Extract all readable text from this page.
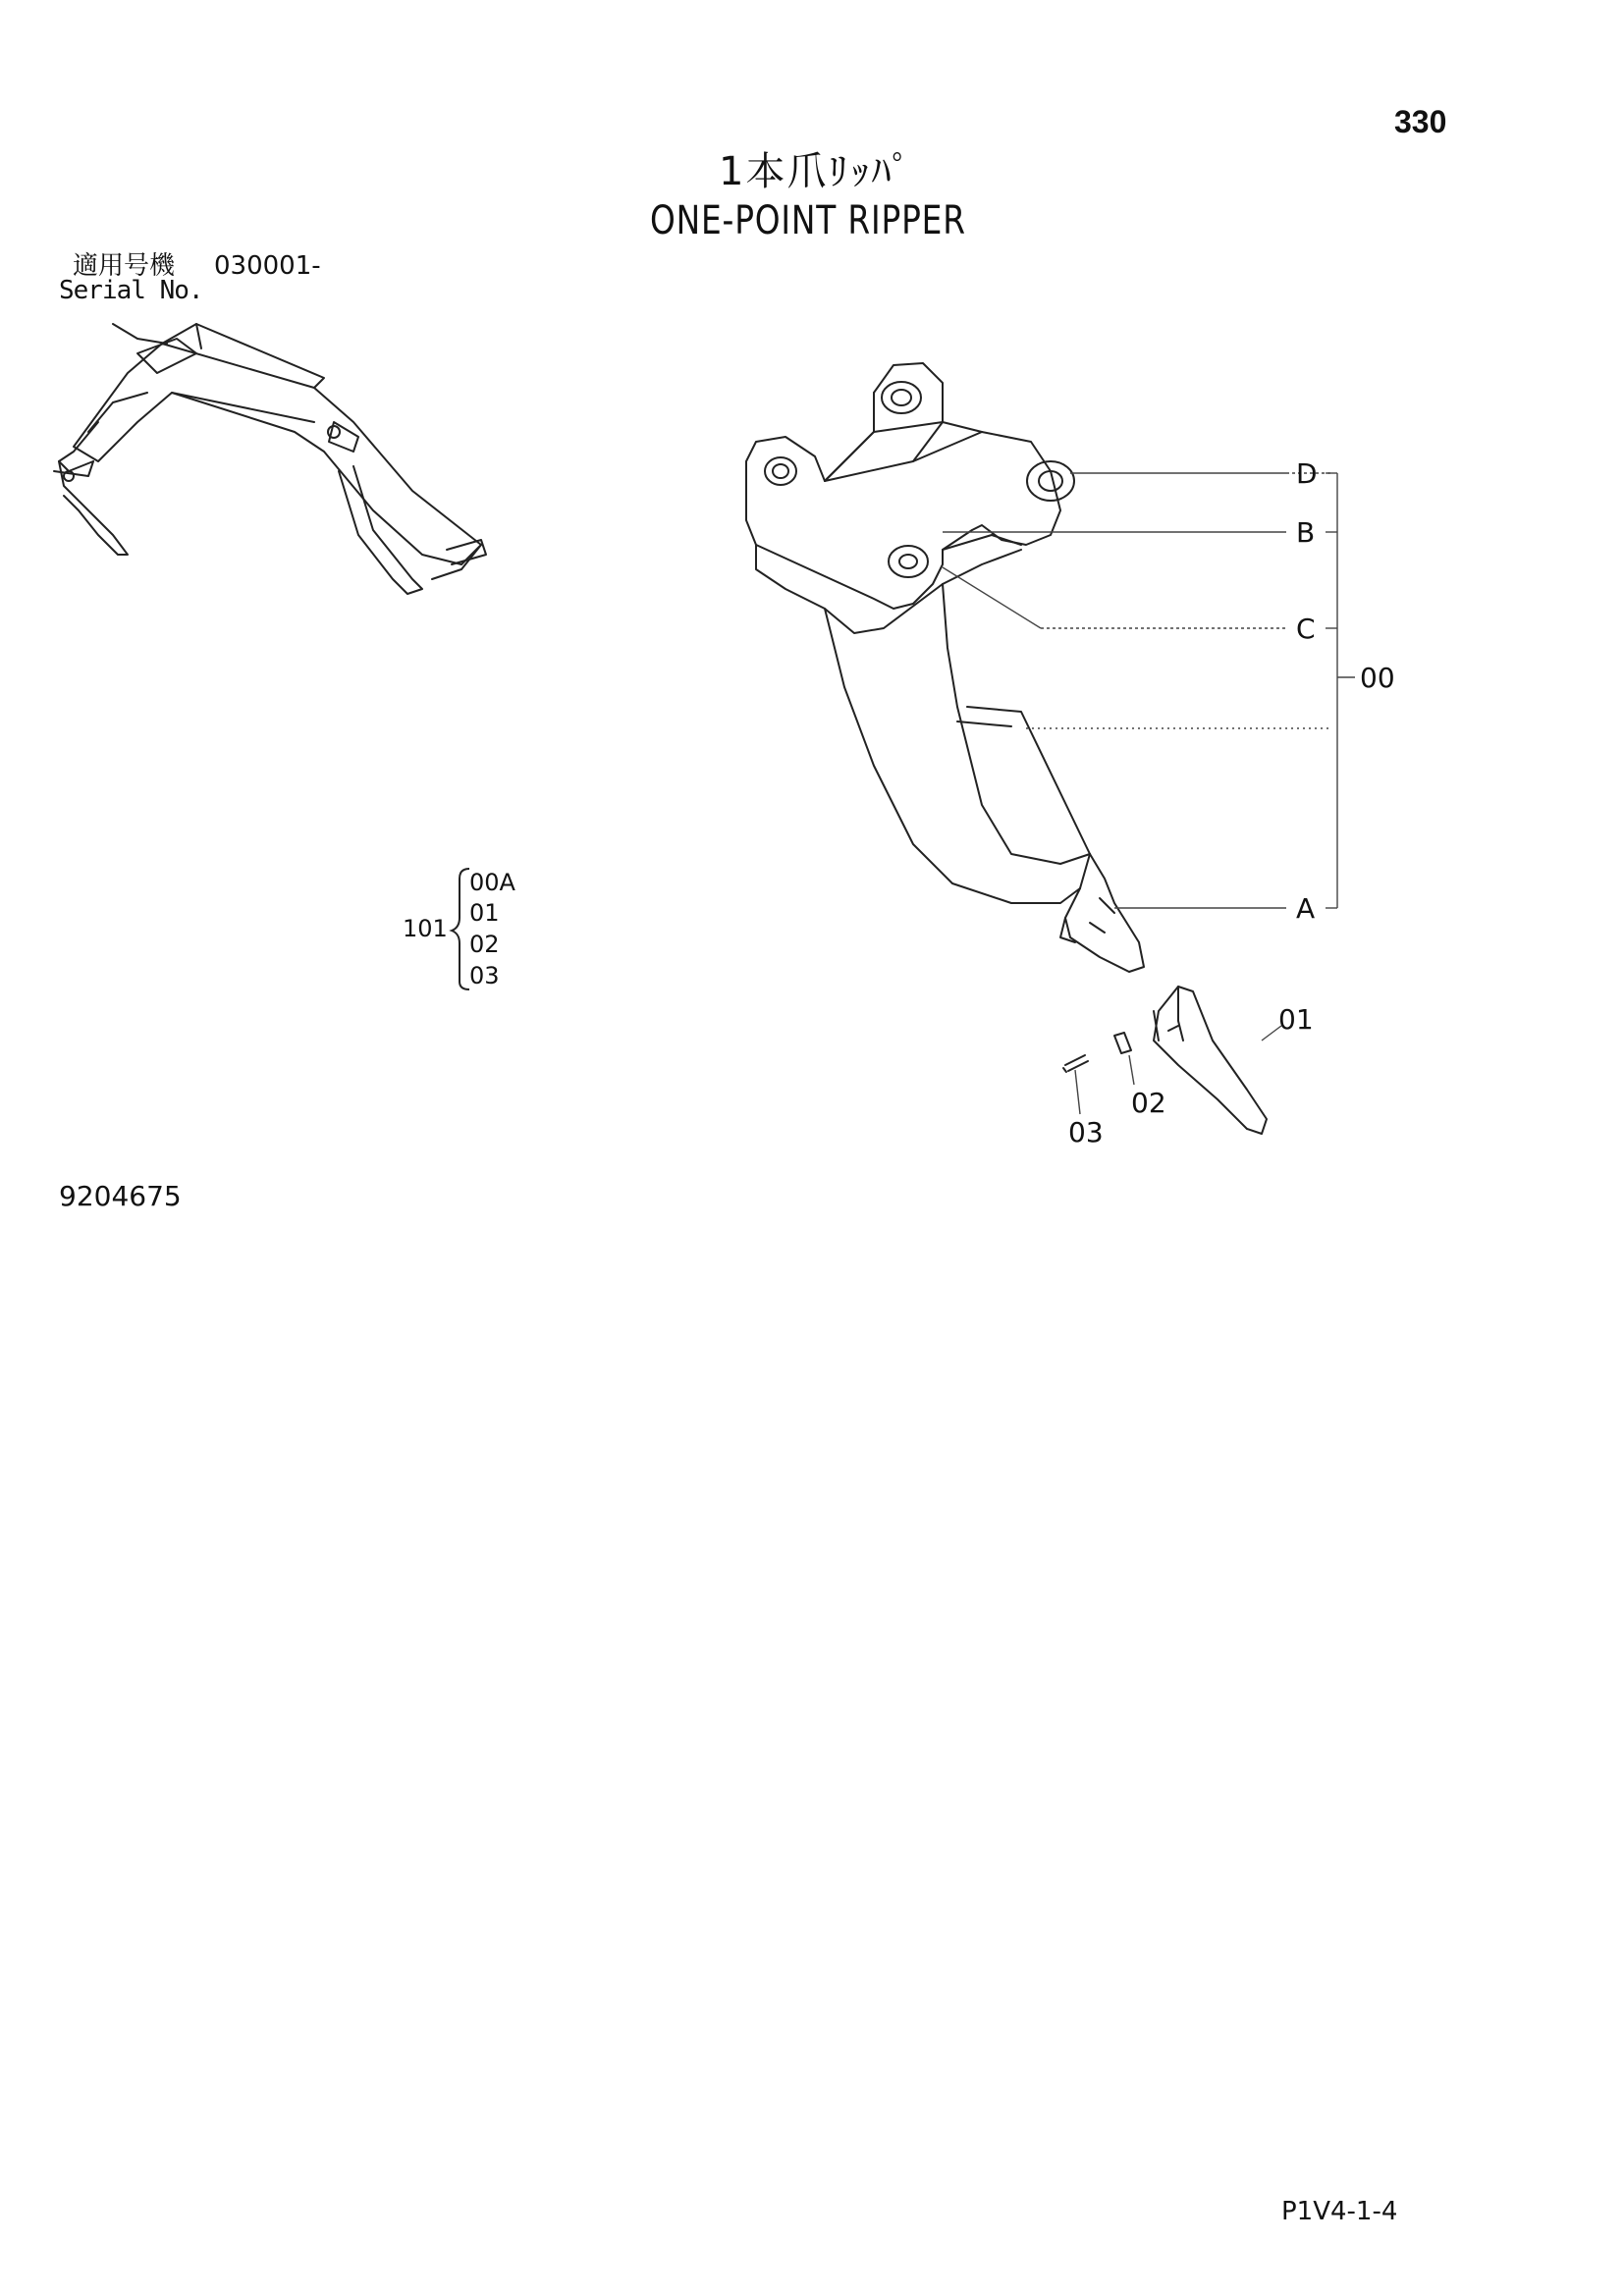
330
1本爪ﾘｯﾊﾟ
ONE-POINT RIPPER
適用号機 030001-
Serial No.
D
B
C
A
00
01
02
03
101
00A
01
02
03
9204675
P1V4-1-4
